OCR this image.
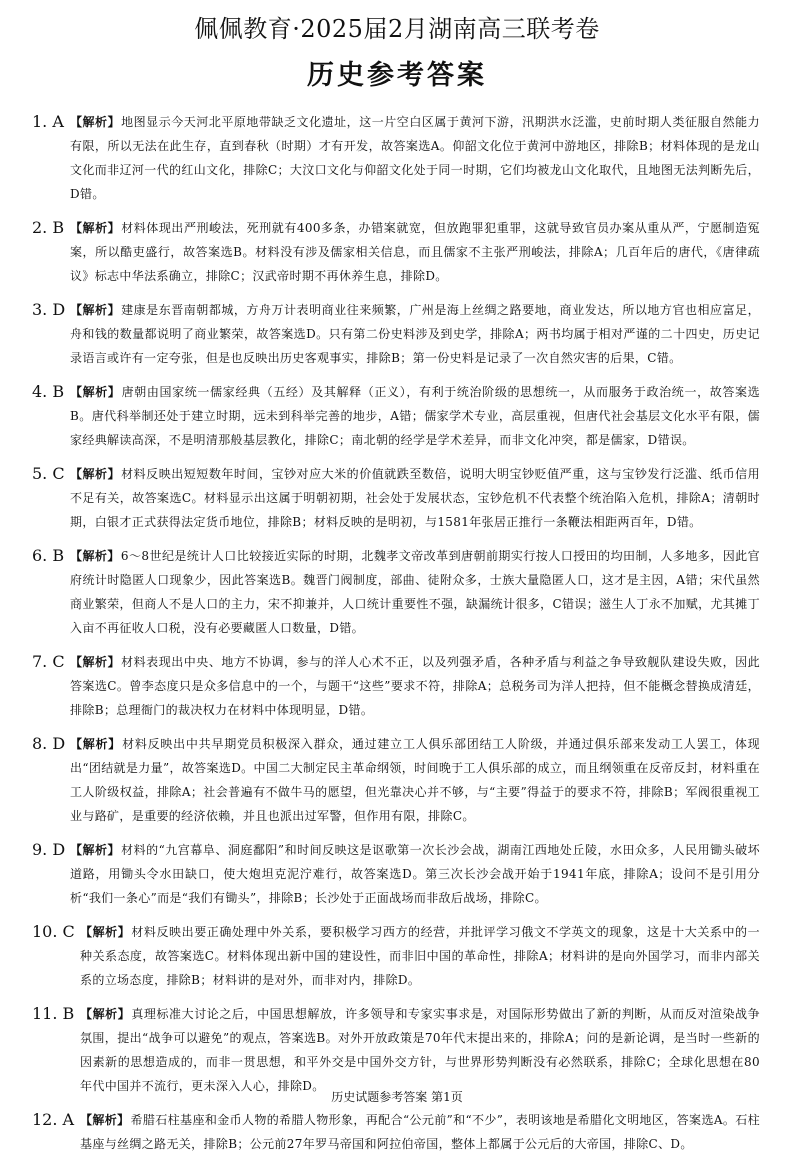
佩佩教育·2025届2月湖南高三联考卷
历史参考答案
1. A 【解析】地图显示今天河北平原地带缺乏文化遗址，这一片空白区属于黄河下游，汛期洪水泛滥，史前时期人类征服自然能力有限，所以无法在此生存，直到春秋（时期）才有开发，故答案选A。仰韶文化位于黄河中游地区，排除B；材料体现的是龙山文化而非辽河一代的红山文化，排除C；大汶口文化与仰韶文化处于同一时期，它们均被龙山文化取代，且地图无法判断先后，D错。
2. B 【解析】材料体现出严刑峻法，死刑就有400多条，办错案就宽，但放跑罪犯重罪，这就导致官员办案从重从严，宁愿制造冤案，所以酷吏盛行，故答案选B。材料没有涉及儒家相关信息，而且儒家不主张严刑峻法，排除A；几百年后的唐代，《唐律疏议》标志中华法系确立，排除C；汉武帝时期不再休养生息，排除D。
3. D 【解析】建康是东晋南朝都城，方舟万计表明商业往来频繁，广州是海上丝绸之路要地，商业发达，所以地方官也相应富足，舟和钱的数量都说明了商业繁荣，故答案选D。只有第二份史料涉及到史学，排除A；两书均属于相对严谨的二十四史，历史记录语言或许有一定夸张，但是也反映出历史客观事实，排除B；第一份史料是记录了一次自然灾害的后果，C错。
4. B 【解析】唐朝由国家统一儒家经典（五经）及其解释（正义），有利于统治阶级的思想统一，从而服务于政治统一，故答案选B。唐代科举制还处于建立时期，远未到科举完善的地步，A错；儒家学术专业，高层重视，但唐代社会基层文化水平有限，儒家经典解读高深，不是明清那般基层教化，排除C；南北朝的经学是学术差异，而非文化冲突，都是儒家，D错误。
5. C 【解析】材料反映出短短数年时间，宝钞对应大米的价值就跌至数倍，说明大明宝钞贬值严重，这与宝钞发行泛滥、纸币信用不足有关，故答案选C。材料显示出这属于明朝初期，社会处于发展状态，宝钞危机不代表整个统治陷入危机，排除A；清朝时期，白银才正式获得法定货币地位，排除B；材料反映的是明初，与1581年张居正推行一条鞭法相距两百年，D错。
6. B 【解析】6～8世纪是统计人口比较接近实际的时期，北魏孝文帝改革到唐朝前期实行按人口授田的均田制，人多地多，因此官府统计时隐匿人口现象少，因此答案选B。魏晋门阀制度，部曲、徒附众多，士族大量隐匿人口，这才是主因，A错；宋代虽然商业繁荣，但商人不是人口的主力，宋不抑兼并，人口统计重要性不强，缺漏统计很多，C错误；滋生人丁永不加赋，尤其摊丁入亩不再征收人口税，没有必要藏匿人口数量，D错。
7. C 【解析】材料表现出中央、地方不协调，参与的洋人心术不正，以及列强矛盾，各种矛盾与利益之争导致舰队建设失败，因此答案选C。曾李态度只是众多信息中的一个，与题干“这些”要求不符，排除A；总税务司为洋人把持，但不能概念替换成清廷，排除B；总理衙门的裁决权力在材料中体现明显，D错。
8. D 【解析】材料反映出中共早期党员积极深入群众，通过建立工人俱乐部团结工人阶级，并通过俱乐部来发动工人罢工，体现出“团结就是力量”，故答案选D。中国二大制定民主革命纲领，时间晚于工人俱乐部的成立，而且纲领重在反帝反封，材料重在工人阶级权益，排除A；社会普遍有不做牛马的愿望，但光靠决心并不够，与“主要”得益于的要求不符，排除B；军阀很重视工业与路矿，是重要的经济依赖，并且也派出过军警，但作用有限，排除C。
9. D 【解析】材料的“九宫幕阜、洞庭鄱阳”和时间反映这是讴歌第一次长沙会战，湖南江西地处丘陵，水田众多，人民用锄头破坏道路，用锄头令水田缺口，使大炮坦克泥泞难行，故答案选D。第三次长沙会战开始于1941年底，排除A；设问不是引用分析“我们一条心”而是“我们有锄头”，排除B；长沙处于正面战场而非敌后战场，排除C。
10. C 【解析】材料反映出要正确处理中外关系，要积极学习西方的经营，并批评学习俄文不学英文的现象，这是十大关系中的一种关系态度，故答案选C。材料体现出新中国的建设性，而非旧中国的革命性，排除A；材料讲的是向外国学习，而非内部关系的立场态度，排除B；材料讲的是对外，而非对内，排除D。
11. B 【解析】真理标准大讨论之后，中国思想解放，许多领导和专家实事求是，对国际形势做出了新的判断，从而反对渲染战争氛围，提出“战争可以避免”的观点，答案选B。对外开放政策是70年代末提出来的，排除A；问的是新论调，是当时一些新的因素新的思想造成的，而非一贯思想，和平外交是中国外交方针，与世界形势判断没有必然联系，排除C；全球化思想在80年代中国并不流行，更未深入人心，排除D。
12. A 【解析】希腊石柱基座和金币人物的希腊人物形象，再配合“公元前”和“不少”，表明该地是希腊化文明地区，答案选A。石柱基座与丝绸之路无关，排除B；公元前27年罗马帝国和阿拉伯帝国，整体上都属于公元后的大帝国，排除C、D。
历史试题参考答案 第1页
